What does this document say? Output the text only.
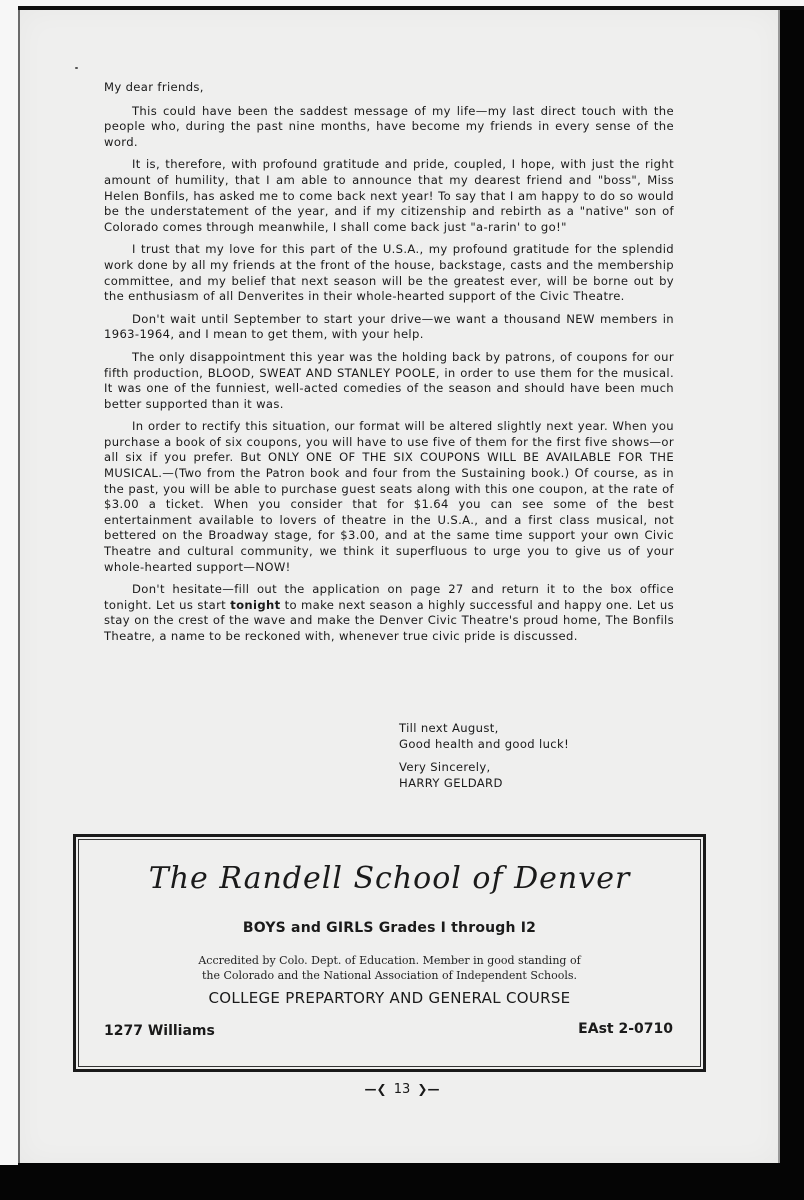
My dear friends,

This could have been the saddest message of my life—my last direct touch with the people who, during the past nine months, have become my friends in every sense of the word.

It is, therefore, with profound gratitude and pride, coupled, I hope, with just the right amount of humility, that I am able to announce that my dearest friend and "boss", Miss Helen Bonfils, has asked me to come back next year! To say that I am happy to do so would be the understatement of the year, and if my citizenship and rebirth as a "native" son of Colorado comes through meanwhile, I shall come back just "a-rarin' to go!"

I trust that my love for this part of the U.S.A., my profound gratitude for the splendid work done by all my friends at the front of the house, backstage, casts and the membership committee, and my belief that next season will be the greatest ever, will be borne out by the enthusiasm of all Denverites in their whole-hearted support of the Civic Theatre.

Don't wait until September to start your drive—we want a thousand NEW members in 1963-1964, and I mean to get them, with your help.

The only disappointment this year was the holding back by patrons, of coupons for our fifth production, BLOOD, SWEAT AND STANLEY POOLE, in order to use them for the musical. It was one of the funniest, well-acted comedies of the season and should have been much better supported than it was.

In order to rectify this situation, our format will be altered slightly next year. When you purchase a book of six coupons, you will have to use five of them for the first five shows—or all six if you prefer. But ONLY ONE OF THE SIX COUPONS WILL BE AVAILABLE FOR THE MUSICAL.—(Two from the Patron book and four from the Sustaining book.) Of course, as in the past, you will be able to purchase guest seats along with this one coupon, at the rate of $3.00 a ticket. When you consider that for $1.64 you can see some of the best entertainment available to lovers of theatre in the U.S.A., and a first class musical, not bettered on the Broadway stage, for $3.00, and at the same time support your own Civic Theatre and cultural community, we think it superfluous to urge you to give us of your whole-hearted support—NOW!

Don't hesitate—fill out the application on page 27 and return it to the box office tonight. Let us start tonight to make next season a highly successful and happy one. Let us stay on the crest of the wave and make the Denver Civic Theatre's proud home, The Bonfils Theatre, a name to be reckoned with, whenever true civic pride is discussed.

Till next August,
Good health and good luck!
Very Sincerely,
HARRY GELDARD
The Randell School of Denver
BOYS and GIRLS Grades I through I2
Accredited by Colo. Dept. of Education. Member in good standing of
the Colorado and the National Association of Independent Schools.
COLLEGE PREPARTORY AND GENERAL COURSE
1277 Williams	EAst 2-0710
—❮ 13 ❯—
